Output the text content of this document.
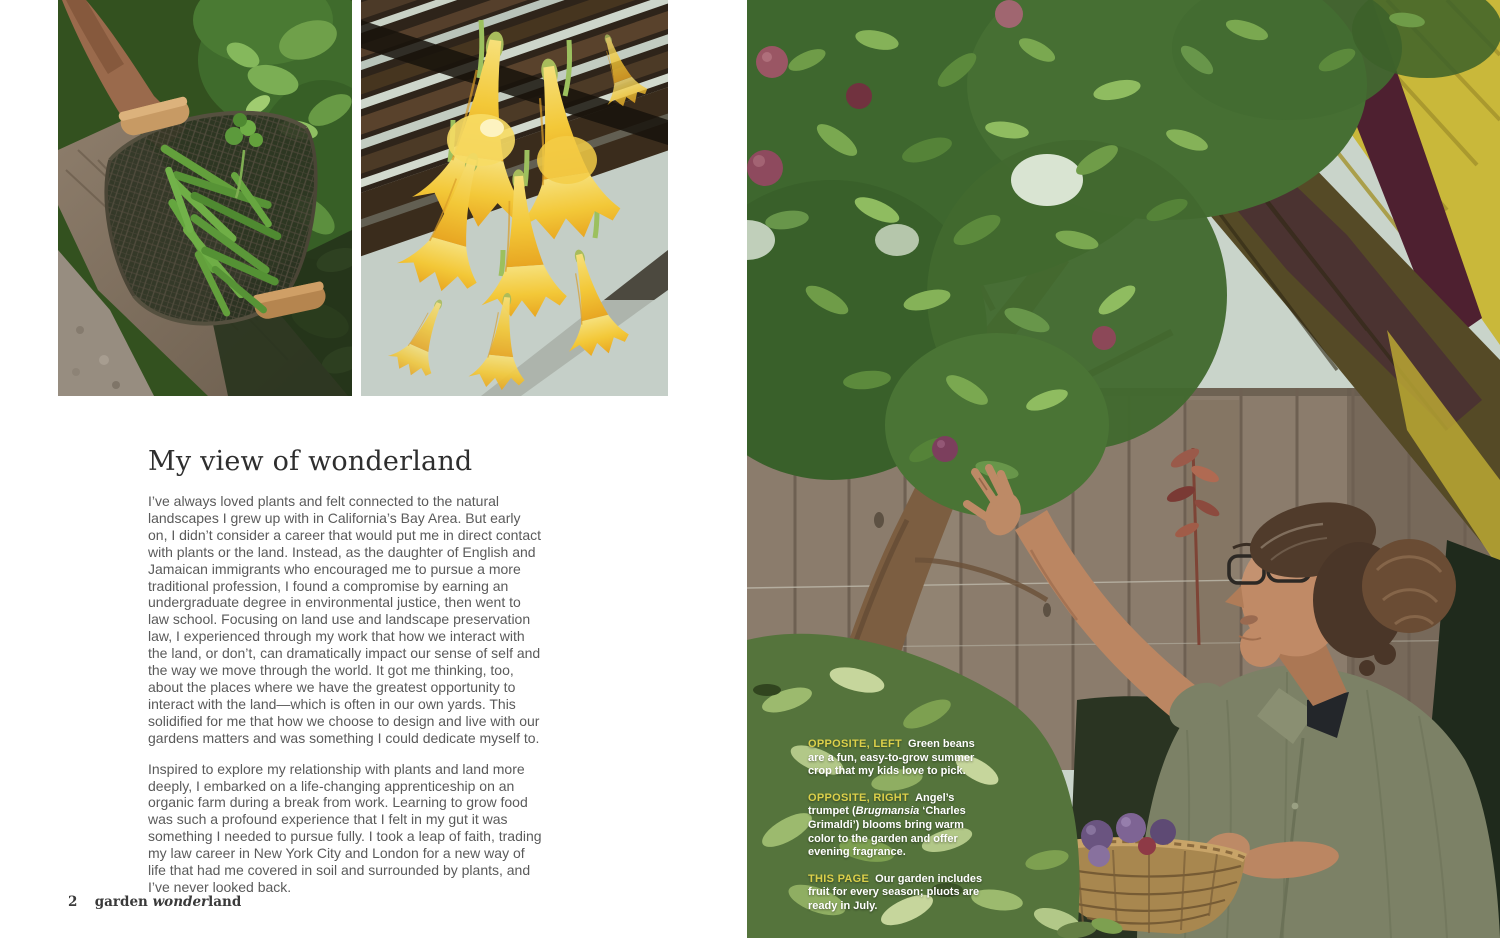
My view of wonderland

I’ve always loved plants and felt connected to the natural landscapes I grew up with in California’s Bay Area. But early on, I didn’t consider a career that would put me in direct contact with plants or the land. Instead, as the daughter of English and Jamaican immigrants who encouraged me to pursue a more traditional profession, I found a compromise by earning an undergraduate degree in environmental justice, then went to law school. Focusing on land use and landscape preservation law, I experienced through my work that how we interact with the land, or don’t, can dramatically impact our sense of self and the way we move through the world. It got me thinking, too, about the places where we have the greatest opportunity to interact with the land—which is often in our own yards. This solidified for me that how we choose to design and live with our gardens matters and was something I could dedicate myself to.

Inspired to explore my relationship with plants and land more deeply, I embarked on a life-changing apprenticeship on an organic farm during a break from work. Learning to grow food was such a profound experience that I felt in my gut it was something I needed to pursue fully. I took a leap of faith, trading my law career in New York City and London for a new way of life that had me covered in soil and surrounded by plants, and I’ve never looked back.

2 garden wonderland

OPPOSITE, LEFT Green beans are a fun, easy-to-grow summer crop that my kids love to pick.

OPPOSITE, RIGHT Angel’s trumpet (Brugmansia ‘Charles Grimaldi’) blooms bring warm color to the garden and offer evening fragrance.

THIS PAGE Our garden includes fruit for every season; pluots are ready in July.
